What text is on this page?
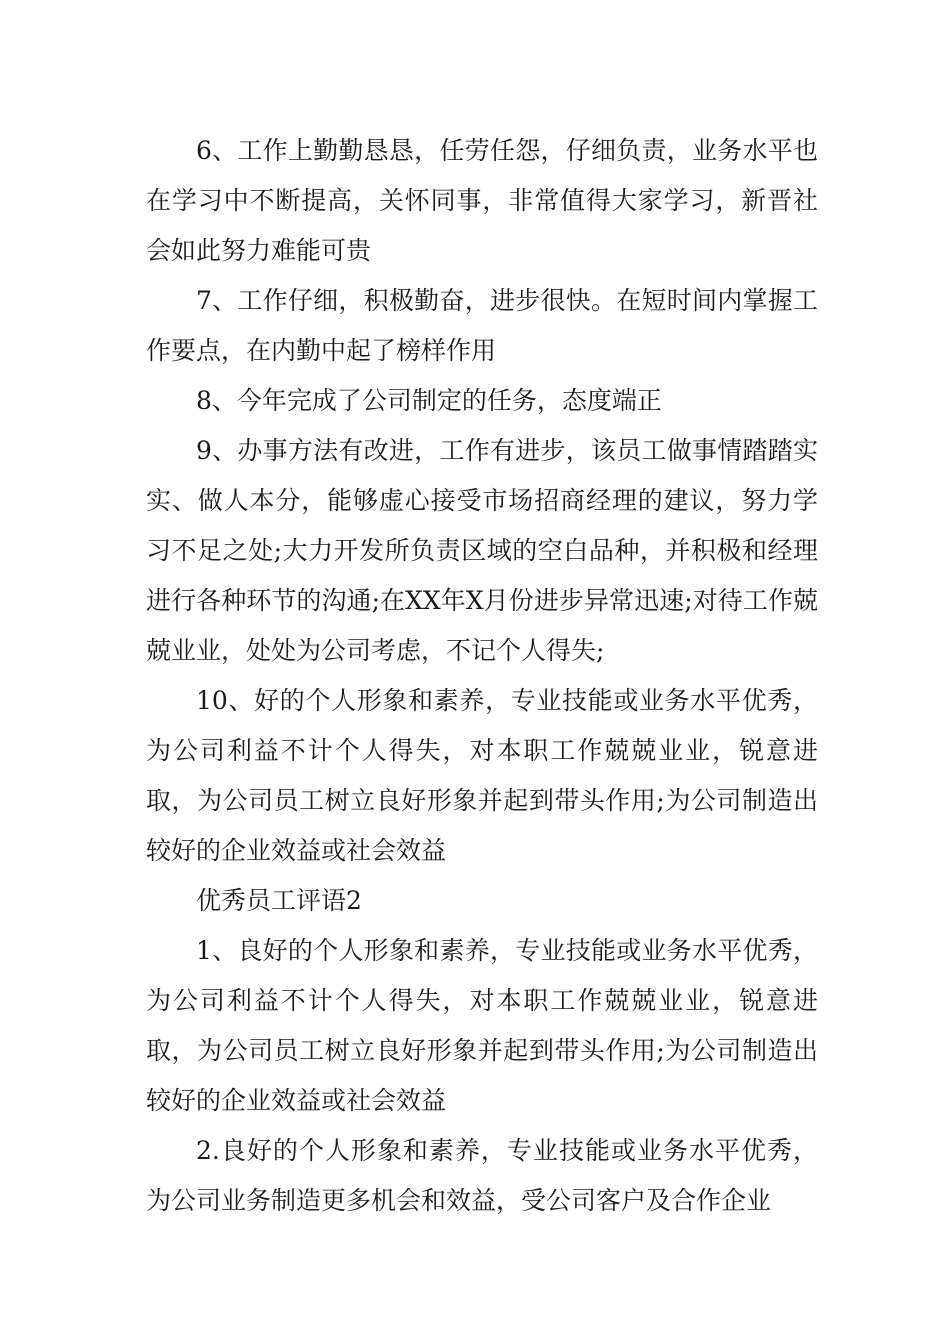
6、工作上勤勤恳恳，任劳任怨，仔细负责，业务水平也在学习中不断提高，关怀同事，非常值得大家学习，新晋社会如此努力难能可贵

7、工作仔细，积极勤奋，进步很快。在短时间内掌握工作要点，在内勤中起了榜样作用

8、今年完成了公司制定的任务，态度端正

9、办事方法有改进，工作有进步，该员工做事情踏踏实实、做人本分，能够虚心接受市场招商经理的建议，努力学习不足之处;大力开发所负责区域的空白品种，并积极和经理进行各种环节的沟通;在XX年X月份进步异常迅速;对待工作兢兢业业，处处为公司考虑，不记个人得失;

10、好的个人形象和素养，专业技能或业务水平优秀，为公司利益不计个人得失，对本职工作兢兢业业，锐意进取，为公司员工树立良好形象并起到带头作用;为公司制造出较好的企业效益或社会效益

优秀员工评语2

1、良好的个人形象和素养，专业技能或业务水平优秀，为公司利益不计个人得失，对本职工作兢兢业业，锐意进取，为公司员工树立良好形象并起到带头作用;为公司制造出较好的企业效益或社会效益

2.良好的个人形象和素养，专业技能或业务水平优秀，为公司业务制造更多机会和效益，受公司客户及合作企业
